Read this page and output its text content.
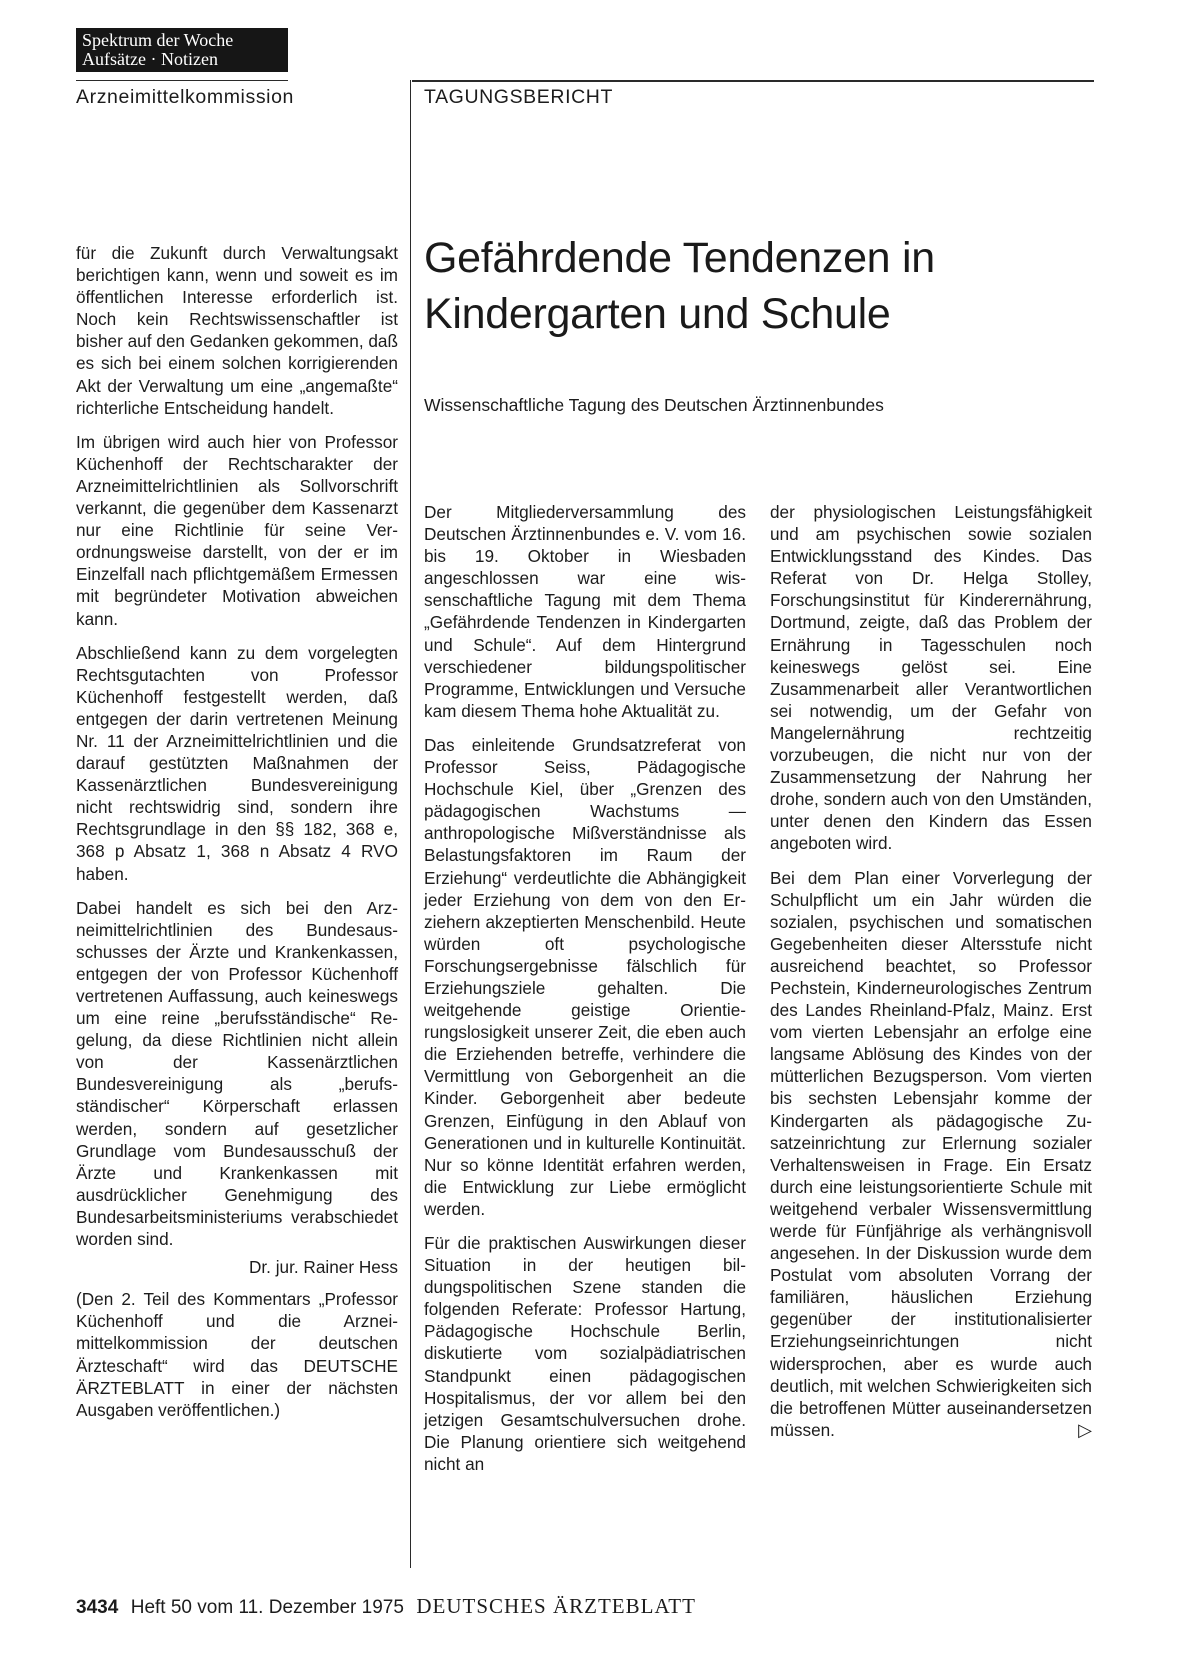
Spektrum der Woche
Aufsätze · Notizen
Arzneimittelkommission	TAGUNGSBERICHT

für die Zukunft durch Verwaltungsakt berichtigen kann, wenn und soweit es im öffentlichen Interesse erforderlich ist. Noch kein Rechtswissenschaftler ist bisher auf den Gedanken gekommen, daß es sich bei einem solchen korrigierenden Akt der Verwaltung um eine „angemaßte“ richterliche Entscheidung handelt.

Im übrigen wird auch hier von Professor Küchenhoff der Rechtscharakter der Arzneimittelrichtlinien als Sollvorschrift verkannt, die gegenüber dem Kassenarzt nur eine Richtlinie für seine Verordnungsweise darstellt, von der er im Einzelfall nach pflichtgemäßem Ermessen mit begründeter Motivation abweichen kann.

Abschließend kann zu dem vorgelegten Rechtsgutachten von Professor Küchenhoff festgestellt werden, daß entgegen der darin vertretenen Meinung Nr. 11 der Arzneimittelrichtlinien und die darauf gestützten Maßnahmen der Kassenärztlichen Bundesvereinigung nicht rechtswidrig sind, sondern ihre Rechtsgrundlage in den §§ 182, 368 e, 368 p Absatz 1, 368 n Absatz 4 RVO haben.

Dabei handelt es sich bei den Arzneimittelrichtlinien des Bundesausschusses der Ärzte und Krankenkassen, entgegen der von Professor Küchenhoff vertretenen Auffassung, auch keineswegs um eine reine „berufsständische“ Regelung, da diese Richtlinien nicht allein von der Kassenärztlichen Bundesvereinigung als „berufsständischer“ Körperschaft erlassen werden, sondern auf gesetzlicher Grundlage vom Bundesausschuß der Ärzte und Krankenkassen mit ausdrücklicher Genehmigung des Bundesarbeitsministeriums verabschiedet worden sind.

Dr. jur. Rainer Hess

(Den 2. Teil des Kommentars „Professor Küchenhoff und die Arzneimittelkommission der deutschen Ärzteschaft“ wird das DEUTSCHE ÄRZTEBLATT in einer der nächsten Ausgaben veröffentlichen.)

Gefährdende Tendenzen in Kindergarten und Schule
Wissenschaftliche Tagung des Deutschen Ärztinnenbundes

Der Mitgliederversammlung des Deutschen Ärztinnenbundes e. V. vom 16. bis 19. Oktober in Wiesbaden angeschlossen war eine wissenschaftliche Tagung mit dem Thema „Gefährdende Tendenzen in Kindergarten und Schule“. Auf dem Hintergrund verschiedener bildungspolitischer Programme, Entwicklungen und Versuche kam diesem Thema hohe Aktualität zu.

Das einleitende Grundsatzreferat von Professor Seiss, Pädagogische Hochschule Kiel, über „Grenzen des pädagogischen Wachstums — anthropologische Mißverständnisse als Belastungsfaktoren im Raum der Erziehung“ verdeutlichte die Abhängigkeit jeder Erziehung von dem von den Erziehern akzeptierten Menschenbild. Heute würden oft psychologische Forschungsergebnisse fälschlich für Erziehungsziele gehalten. Die weitgehende geistige Orientierungslosigkeit unserer Zeit, die eben auch die Erziehenden betreffe, verhindere die Vermittlung von Geborgenheit an die Kinder. Geborgenheit aber bedeute Grenzen, Einfügung in den Ablauf von Generationen und in kulturelle Kontinuität. Nur so könne Identität erfahren werden, die Entwicklung zur Liebe ermöglicht werden.

Für die praktischen Auswirkungen dieser Situation in der heutigen bildungspolitischen Szene standen die folgenden Referate: Professor Hartung, Pädagogische Hochschule Berlin, diskutierte vom sozialpädiatrischen Standpunkt einen pädagogischen Hospitalismus, der vor allem bei den jetzigen Gesamtschulversuchen drohe. Die Planung orientiere sich weitgehend nicht an

der physiologischen Leistungsfähigkeit und am psychischen sowie sozialen Entwicklungsstand des Kindes. Das Referat von Dr. Helga Stolley, Forschungsinstitut für Kinderernährung, Dortmund, zeigte, daß das Problem der Ernährung in Tagesschulen noch keineswegs gelöst sei. Eine Zusammenarbeit aller Verantwortlichen sei notwendig, um der Gefahr von Mangelernährung rechtzeitig vorzubeugen, die nicht nur von der Zusammensetzung der Nahrung her drohe, sondern auch von den Umständen, unter denen den Kindern das Essen angeboten wird.

Bei dem Plan einer Vorverlegung der Schulpflicht um ein Jahr würden die sozialen, psychischen und somatischen Gegebenheiten dieser Altersstufe nicht ausreichend beachtet, so Professor Pechstein, Kinderneurologisches Zentrum des Landes Rheinland-Pfalz, Mainz. Erst vom vierten Lebensjahr an erfolge eine langsame Ablösung des Kindes von der mütterlichen Bezugsperson. Vom vierten bis sechsten Lebensjahr komme der Kindergarten als pädagogische Zusatzeinrichtung zur Erlernung sozialer Verhaltensweisen in Frage. Ein Ersatz durch eine leistungsorientierte Schule mit weitgehend verbaler Wissensvermittlung werde für Fünfjährige als verhängnisvoll angesehen. In der Diskussion wurde dem Postulat vom absoluten Vorrang der familiären, häuslichen Erziehung gegenüber der institutionalisierter Erziehungseinrichtungen nicht widersprochen, aber es wurde auch deutlich, mit welchen Schwierigkeiten sich die betroffenen Mütter auseinandersetzen müssen.	▷

3434 Heft 50 vom 11. Dezember 1975 DEUTSCHES ÄRZTEBLATT
